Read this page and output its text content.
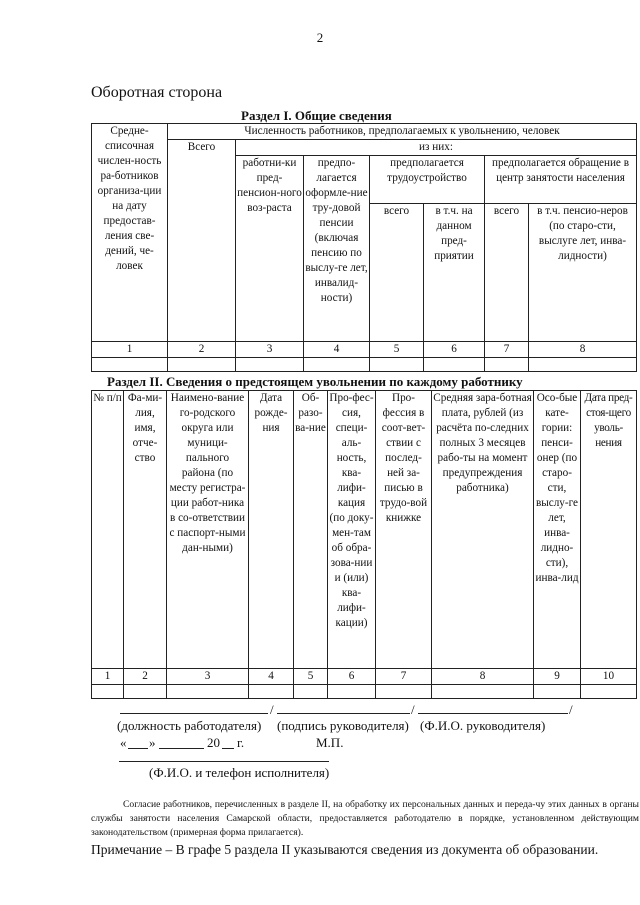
2
Оборотная сторона
Раздел I. Общие сведения
Средне-списочная числен-ность ра-ботников организа-ции на дату предостав-ления све-дений, че-ловек	Численность работников, предполагаемых к увольнению, человек						
	Всего	из них:					
		работни-ки пред-пенсион-ного воз-раста	предпо-лагается оформле-ние тру-довой пенсии (включая пенсию по выслу-ге лет, инвалид-ности)	предполагается трудоустройство		предполагается обращение в центр занятости населения	
				всего	в т.ч. на данном пред-приятии	всего	в т.ч. пенсио-неров (по старо-сти, выслуге лет, инва-лидности)
1	2	3	4	5	6	7	8

Раздел II. Сведения о предстоящем увольнении по каждому работнику
№ п/п	Фа-ми-лия, имя, отче-ство	Наимено-вание го-родского округа или муници-пального района (по месту регистра-ции работ-ника в со-ответствии с паспорт-ными дан-ными)	Дата рожде-ния	Об-разо-ва-ние	Про-фес-сия, специ-аль-ность, ква-лифи-кация (по доку-мен-там об обра-зова-нии и (или) ква-лифи-кации)	Про-фессия в соот-вет-ствии с послед-ней за-писью в трудо-вой книжке	Средняя зара-ботная плата, рублей (из расчёта по-следних полных 3 месяцев рабо-ты на момент предупреждения работника)	Осо-бые кате-гории: пенси-онер (по старо-сти, выслу-ге лет, инва-лидно-сти), инва-лид	Дата пред-стоя-щего уволь-нения
1	2	3	4	5	6	7	8	9	10

/	/	/
(должность работодателя) (подпись руководителя) (Ф.И.О. руководителя)
« »	20 г.	М.П.
(Ф.И.О. и телефон исполнителя)

Согласие работников, перечисленных в разделе II, на обработку их персональных данных и переда-чу этих данных в органы службы занятости населения Самарской области, предоставляется работодателю в порядке, установленном действующим законодательством (примерная форма прилагается).

Примечание – В графе 5 раздела II указываются сведения из документа об образовании.
